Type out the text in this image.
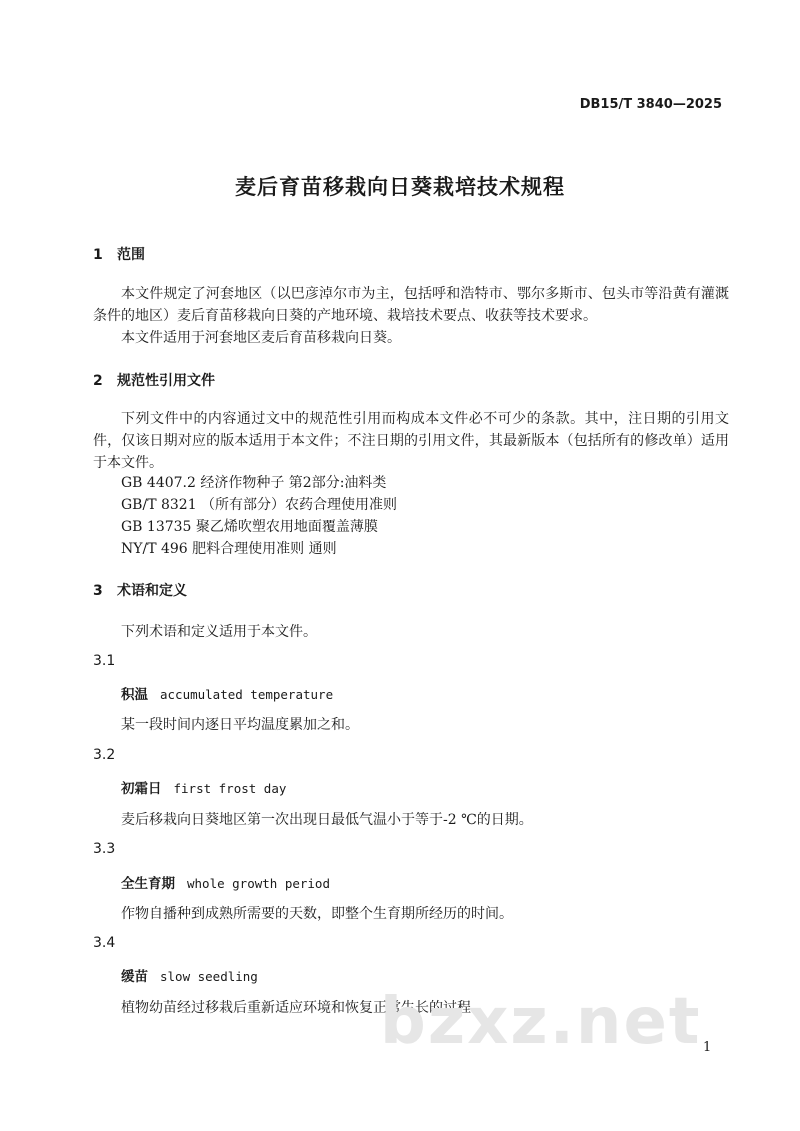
DB15/T 3840—2025
麦后育苗移栽向日葵栽培技术规程
1 范围
本文件规定了河套地区（以巴彦淖尔市为主，包括呼和浩特市、鄂尔多斯市、包头市等沿黄有灌溉条件的地区）麦后育苗移栽向日葵的产地环境、栽培技术要点、收获等技术要求。
本文件适用于河套地区麦后育苗移栽向日葵。
2 规范性引用文件
下列文件中的内容通过文中的规范性引用而构成本文件必不可少的条款。其中，注日期的引用文件，仅该日期对应的版本适用于本文件；不注日期的引用文件，其最新版本（包括所有的修改单）适用于本文件。
GB 4407.2 经济作物种子 第2部分:油料类
GB/T 8321 （所有部分）农药合理使用准则
GB 13735 聚乙烯吹塑农用地面覆盖薄膜
NY/T 496 肥料合理使用准则 通则
3 术语和定义
下列术语和定义适用于本文件。
3.1
积温 accumulated temperature
某一段时间内逐日平均温度累加之和。
3.2
初霜日 first frost day
麦后移栽向日葵地区第一次出现日最低气温小于等于-2 ℃的日期。
3.3
全生育期 whole growth period
作物自播种到成熟所需要的天数，即整个生育期所经历的时间。
3.4
缓苗 slow seedling
植物幼苗经过移栽后重新适应环境和恢复正常生长的过程。
bzxz.net 1
